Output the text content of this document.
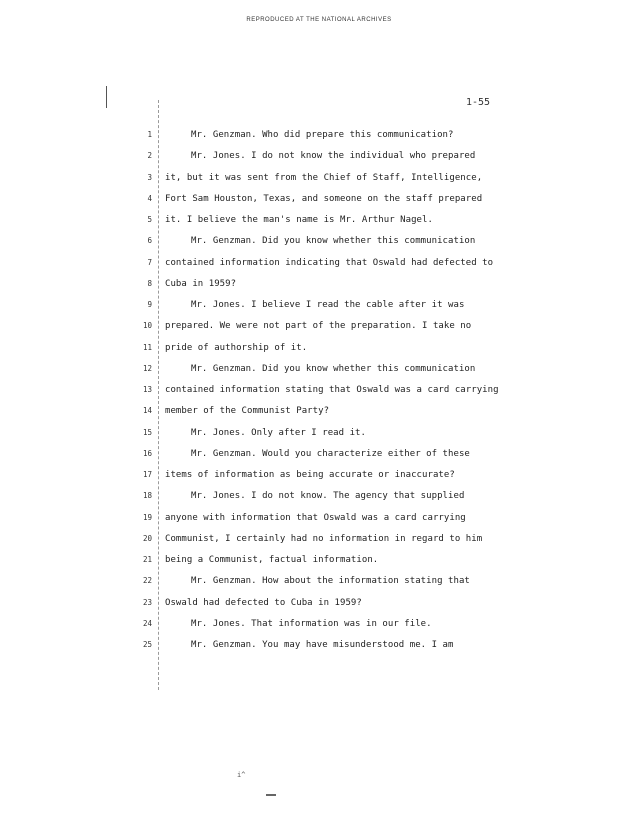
REPRODUCED AT THE NATIONAL ARCHIVES
1-55
1	Mr. Genzman. Who did prepare this communication?
2	Mr. Jones. I do not know the individual who prepared
3 it, but it was sent from the Chief of Staff, Intelligence,
4 Fort Sam Houston, Texas, and someone on the staff prepared
5 it. I believe the man's name is Mr. Arthur Nagel.
6	Mr. Genzman. Did you know whether this communication
7 contained information indicating that Oswald had defected to
8 Cuba in 1959?
9	Mr. Jones. I believe I read the cable after it was
10 prepared. We were not part of the preparation. I take no
11 pride of authorship of it.
12	Mr. Genzman. Did you know whether this communication
13 contained information stating that Oswald was a card carrying
14 member of the Communist Party?
15	Mr. Jones. Only after I read it.
16	Mr. Genzman. Would you characterize either of these
17 items of information as being accurate or inaccurate?
18	Mr. Jones. I do not know. The agency that supplied
19 anyone with information that Oswald was a card carrying
20 Communist, I certainly had no information in regard to him
21 being a Communist, factual information.
22	Mr. Genzman. How about the information stating that
23 Oswald had defected to Cuba in 1959?
24	Mr. Jones. That information was in our file.
25	Mr. Genzman. You may have misunderstood me. I am
i^
